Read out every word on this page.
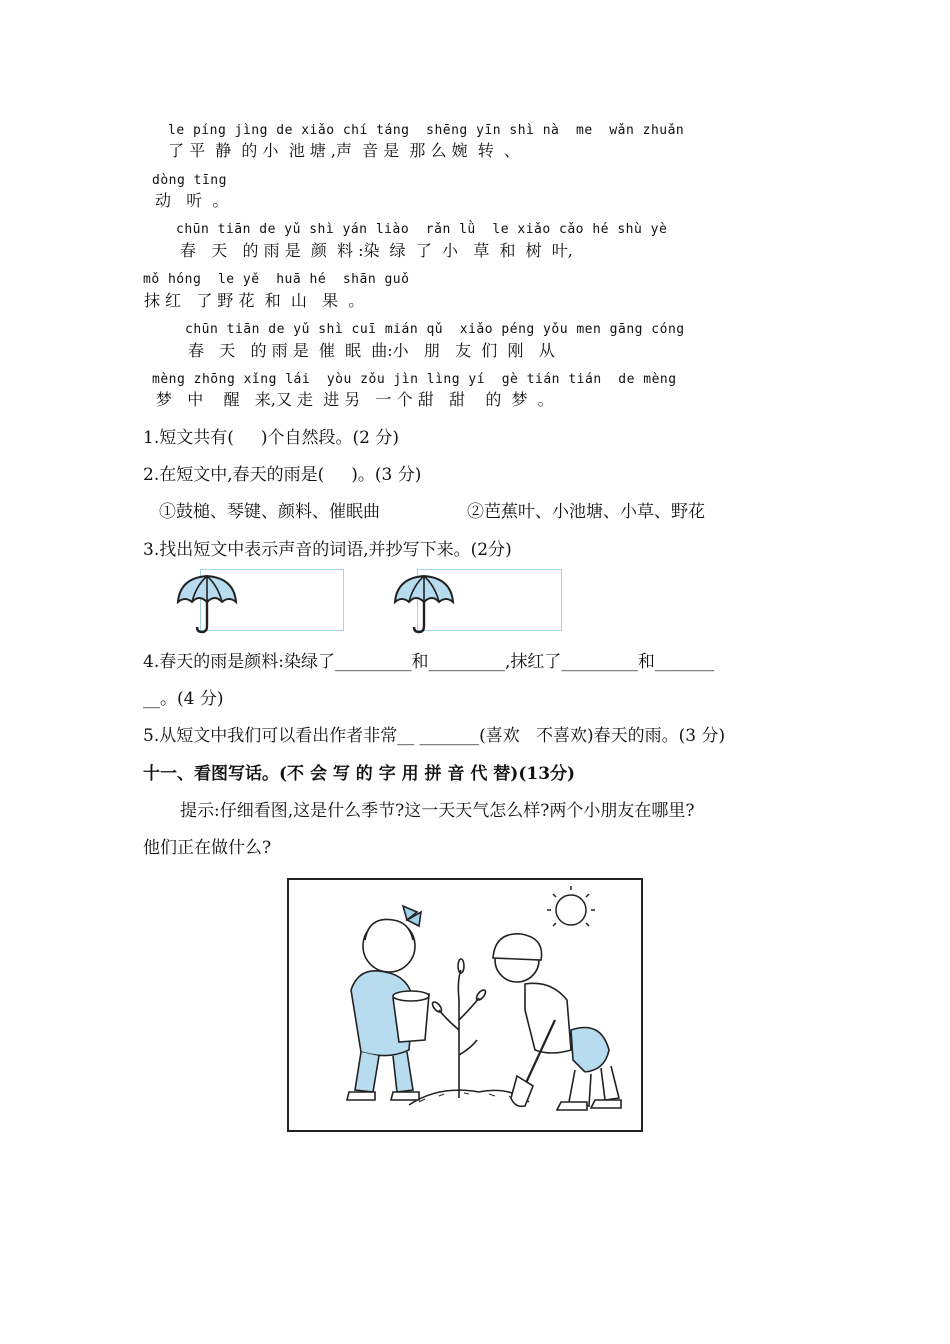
le píng jìng de xiǎo chí táng  shēng yīn shì nà  me  wǎn zhuǎn
了 平  静  的 小  池 塘 ,声  音 是  那 么 婉  转  、
dòng tīng
动   听  。
chūn tiān de yǔ shì yán liào  rǎn lǜ  le xiǎo cǎo hé shù yè
春   天   的 雨 是  颜  料 :染  绿  了  小   草  和  树  叶,
mǒ hóng  le yě  huā hé  shān guǒ
抹 红   了 野 花  和  山   果  。
chūn tiān de yǔ shì cuī mián qǔ  xiǎo péng yǒu men gāng cóng
春   天   的 雨 是  催  眠  曲:小   朋   友  们  刚   从
mèng zhōng xǐng lái  yòu zǒu jìn lìng yí  gè tián tián  de mèng
梦   中    醒   来,又 走  进 另   一 个 甜   甜    的  梦  。
1.短文共有(     )个自然段。(2 分)
2.在短文中,春天的雨是(     )。(3 分)
①鼓槌、琴键、颜料、催眠曲	②芭蕉叶、小池塘、小草、野花
3.找出短文中表示声音的词语,并抄写下来。(2分)
4.春天的雨是颜料:染绿了_________和_________,抹红了_________和_______
__。(4 分)
5.从短文中我们可以看出作者非常__ _______(喜欢   不喜欢)春天的雨。(3 分)
十一、看图写话。(不 会 写 的 字 用 拼 音 代 替)(13分)
提示:仔细看图,这是什么季节?这一天天气怎么样?两个小朋友在哪里?
他们正在做什么?
